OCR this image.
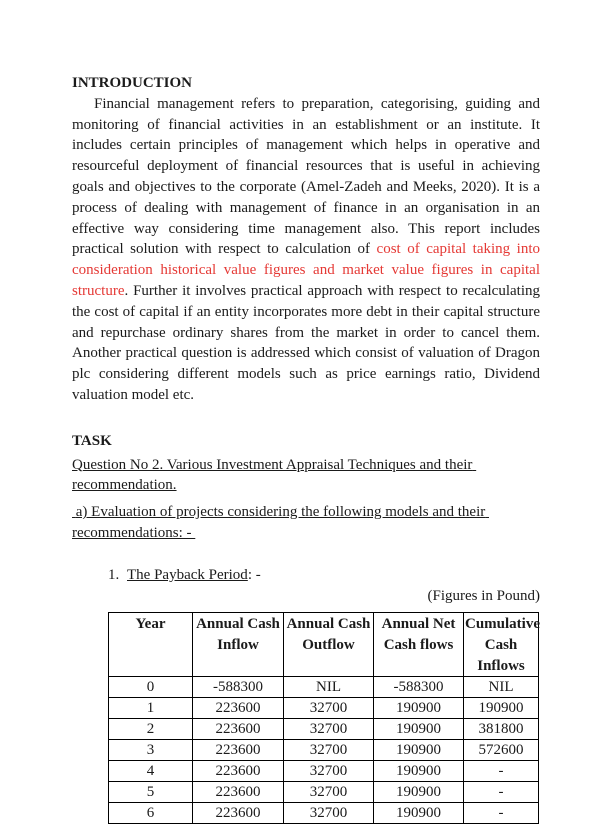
INTRODUCTION

Financial management refers to preparation, categorising, guiding and monitoring of financial activities in an establishment or an institute. It includes certain principles of management which helps in operative and resourceful deployment of financial resources that is useful in achieving goals and objectives to the corporate (Amel-Zadeh and Meeks, 2020). It is a process of dealing with management of finance in an organisation in an effective way considering time management also. This report includes practical solution with respect to calculation of cost of capital taking into consideration historical value figures and market value figures in capital structure. Further it involves practical approach with respect to recalculating the cost of capital if an entity incorporates more debt in their capital structure and repurchase ordinary shares from the market in order to cancel them. Another practical question is addressed which consist of valuation of Dragon plc considering different models such as price earnings ratio, Dividend valuation model etc.

TASK

Question No 2. Various Investment Appraisal Techniques and their recommendation.

a) Evaluation of projects considering the following models and their recommendations: -

1. The Payback Period: -

(Figures in Pound)

Year	Annual Cash Inflow	Annual Cash Outflow	Annual Net Cash flows	Cumulative Cash Inflows
0	-588300	NIL	-588300	NIL
1	223600	32700	190900	190900
2	223600	32700	190900	381800
3	223600	32700	190900	572600
4	223600	32700	190900	-
5	223600	32700	190900	-
6	223600	32700	190900	-
